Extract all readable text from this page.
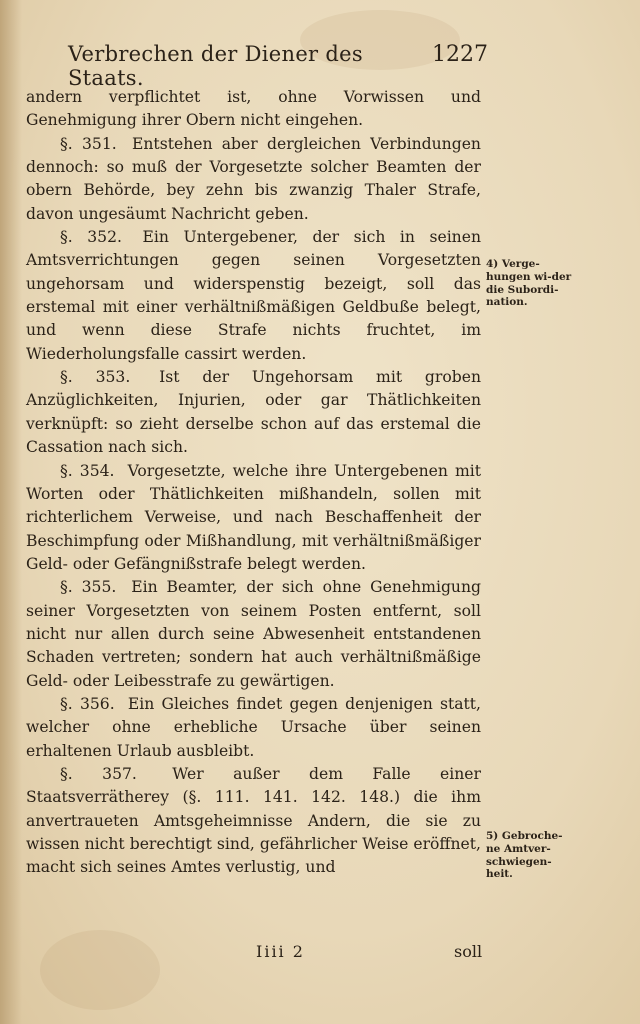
Verbrechen der Diener des Staats.
1227

andern verpflichtet ist, ohne Vorwissen und Genehmigung ihrer Obern nicht eingehen.

§. 351. Entstehen aber dergleichen Verbindungen dennoch: so muß der Vorgesetzte solcher Beamten der obern Behörde, bey zehn bis zwanzig Thaler Strafe, davon ungesäumt Nachricht geben.

§. 352. Ein Untergebener, der sich in seinen Amtsverrichtungen gegen seinen Vorgesetzten ungehorsam und widerspenstig bezeigt, soll das erstemal mit einer verhältnißmäßigen Geldbuße belegt, und wenn diese Strafe nichts fruchtet, im Wiederholungsfalle cassirt werden.

§. 353. Ist der Ungehorsam mit groben Anzüglichkeiten, Injurien, oder gar Thätlichkeiten verknüpft: so zieht derselbe schon auf das erstemal die Cassation nach sich.

§. 354. Vorgesetzte, welche ihre Untergebenen mit Worten oder Thätlichkeiten mißhandeln, sollen mit richterlichem Verweise, und nach Beschaffenheit der Beschimpfung oder Mißhandlung, mit verhältnißmäßiger Geld- oder Gefängnißstrafe belegt werden.

§. 355. Ein Beamter, der sich ohne Genehmigung seiner Vorgesetzten von seinem Posten entfernt, soll nicht nur allen durch seine Abwesenheit entstandenen Schaden vertreten; sondern hat auch verhältnißmäßige Geld- oder Leibesstrafe zu gewärtigen.

§. 356. Ein Gleiches findet gegen denjenigen statt, welcher ohne erhebliche Ursache über seinen erhaltenen Urlaub ausbleibt.

§. 357. Wer außer dem Falle einer Staatsverrätherey (§. 111. 141. 142. 148.) die ihm anvertraueten Amtsgeheimnisse Andern, die sie zu wissen nicht berechtigt sind, gefährlicher Weise eröffnet, macht sich seines Amtes verlustig, und

4) Verge-hungen wi-der die Subordi-nation.
5) Gebroche-ne Amtver-schwiegen-heit.
Iiii 2	soll
